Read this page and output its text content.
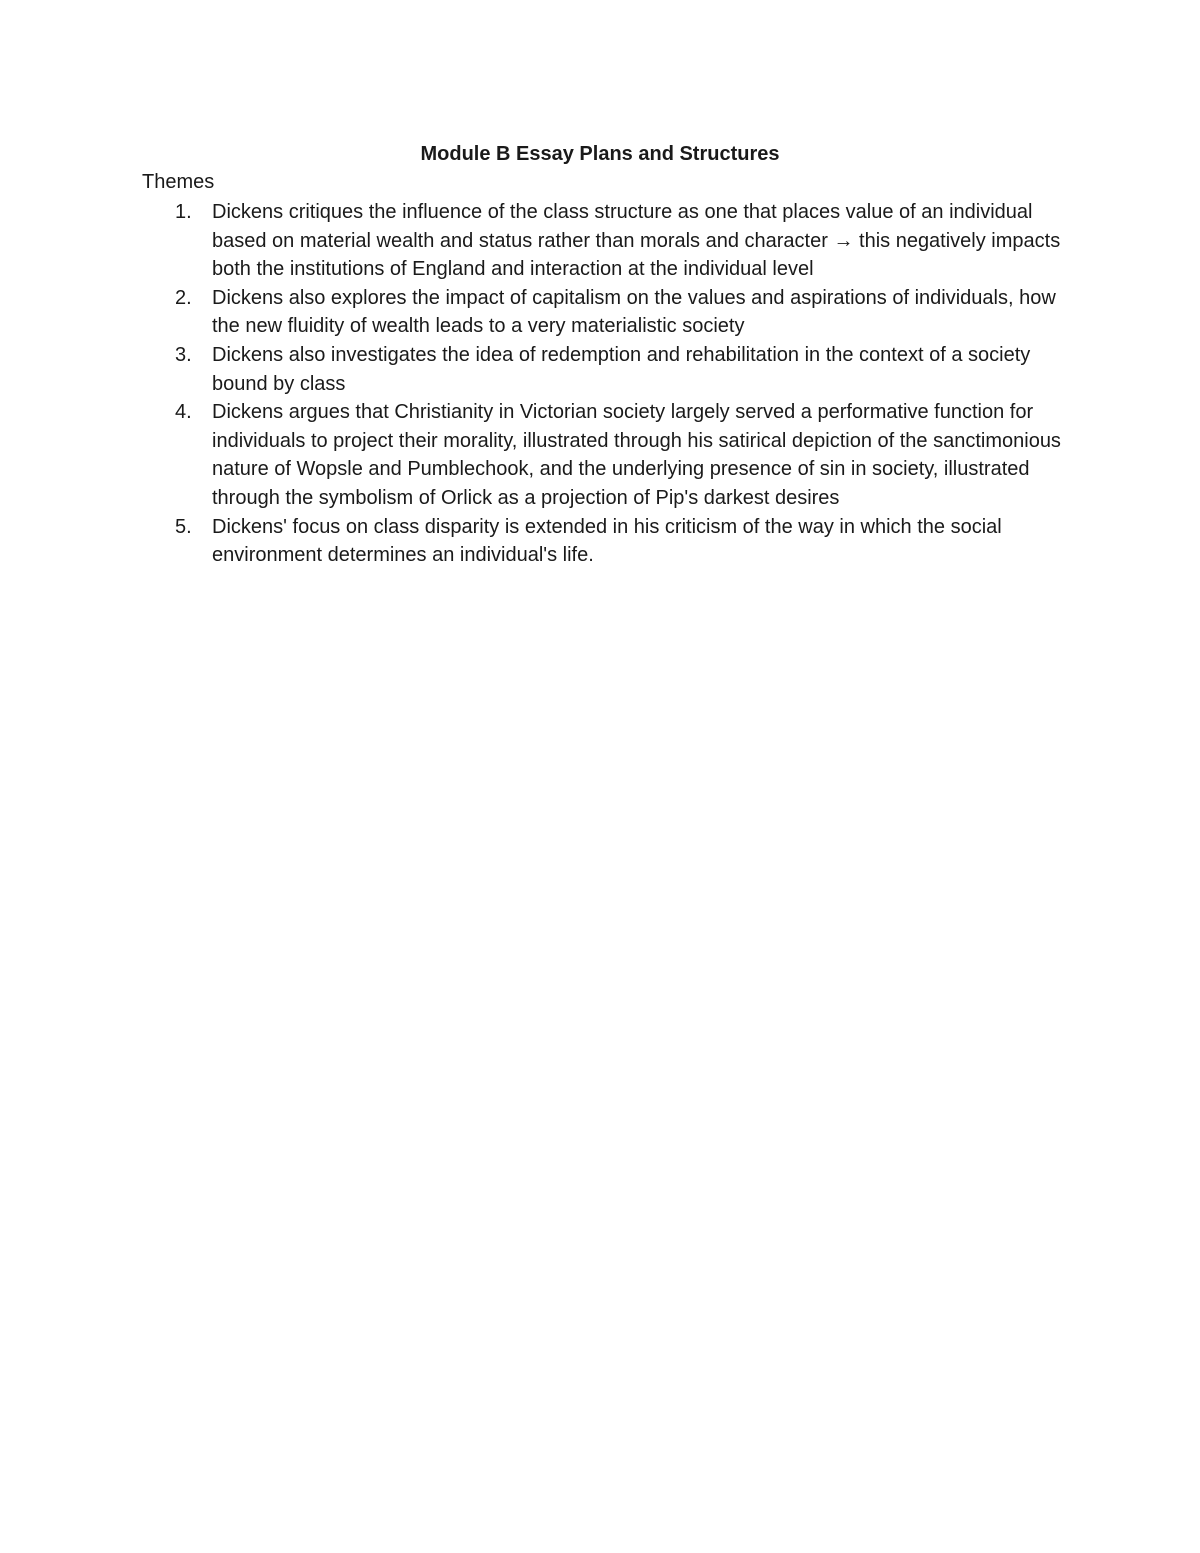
Module B Essay Plans and Structures
Themes
1. Dickens critiques the influence of the class structure as one that places value of an individual based on material wealth and status rather than morals and character → this negatively impacts both the institutions of England and interaction at the individual level
2. Dickens also explores the impact of capitalism on the values and aspirations of individuals, how the new fluidity of wealth leads to a very materialistic society
3. Dickens also investigates the idea of redemption and rehabilitation in the context of a society bound by class
4. Dickens argues that Christianity in Victorian society largely served a performative function for individuals to project their morality, illustrated through his satirical depiction of the sanctimonious nature of Wopsle and Pumblechook, and the underlying presence of sin in society, illustrated through the symbolism of Orlick as a projection of Pip's darkest desires
5. Dickens' focus on class disparity is extended in his criticism of the way in which the social environment determines an individual's life.
